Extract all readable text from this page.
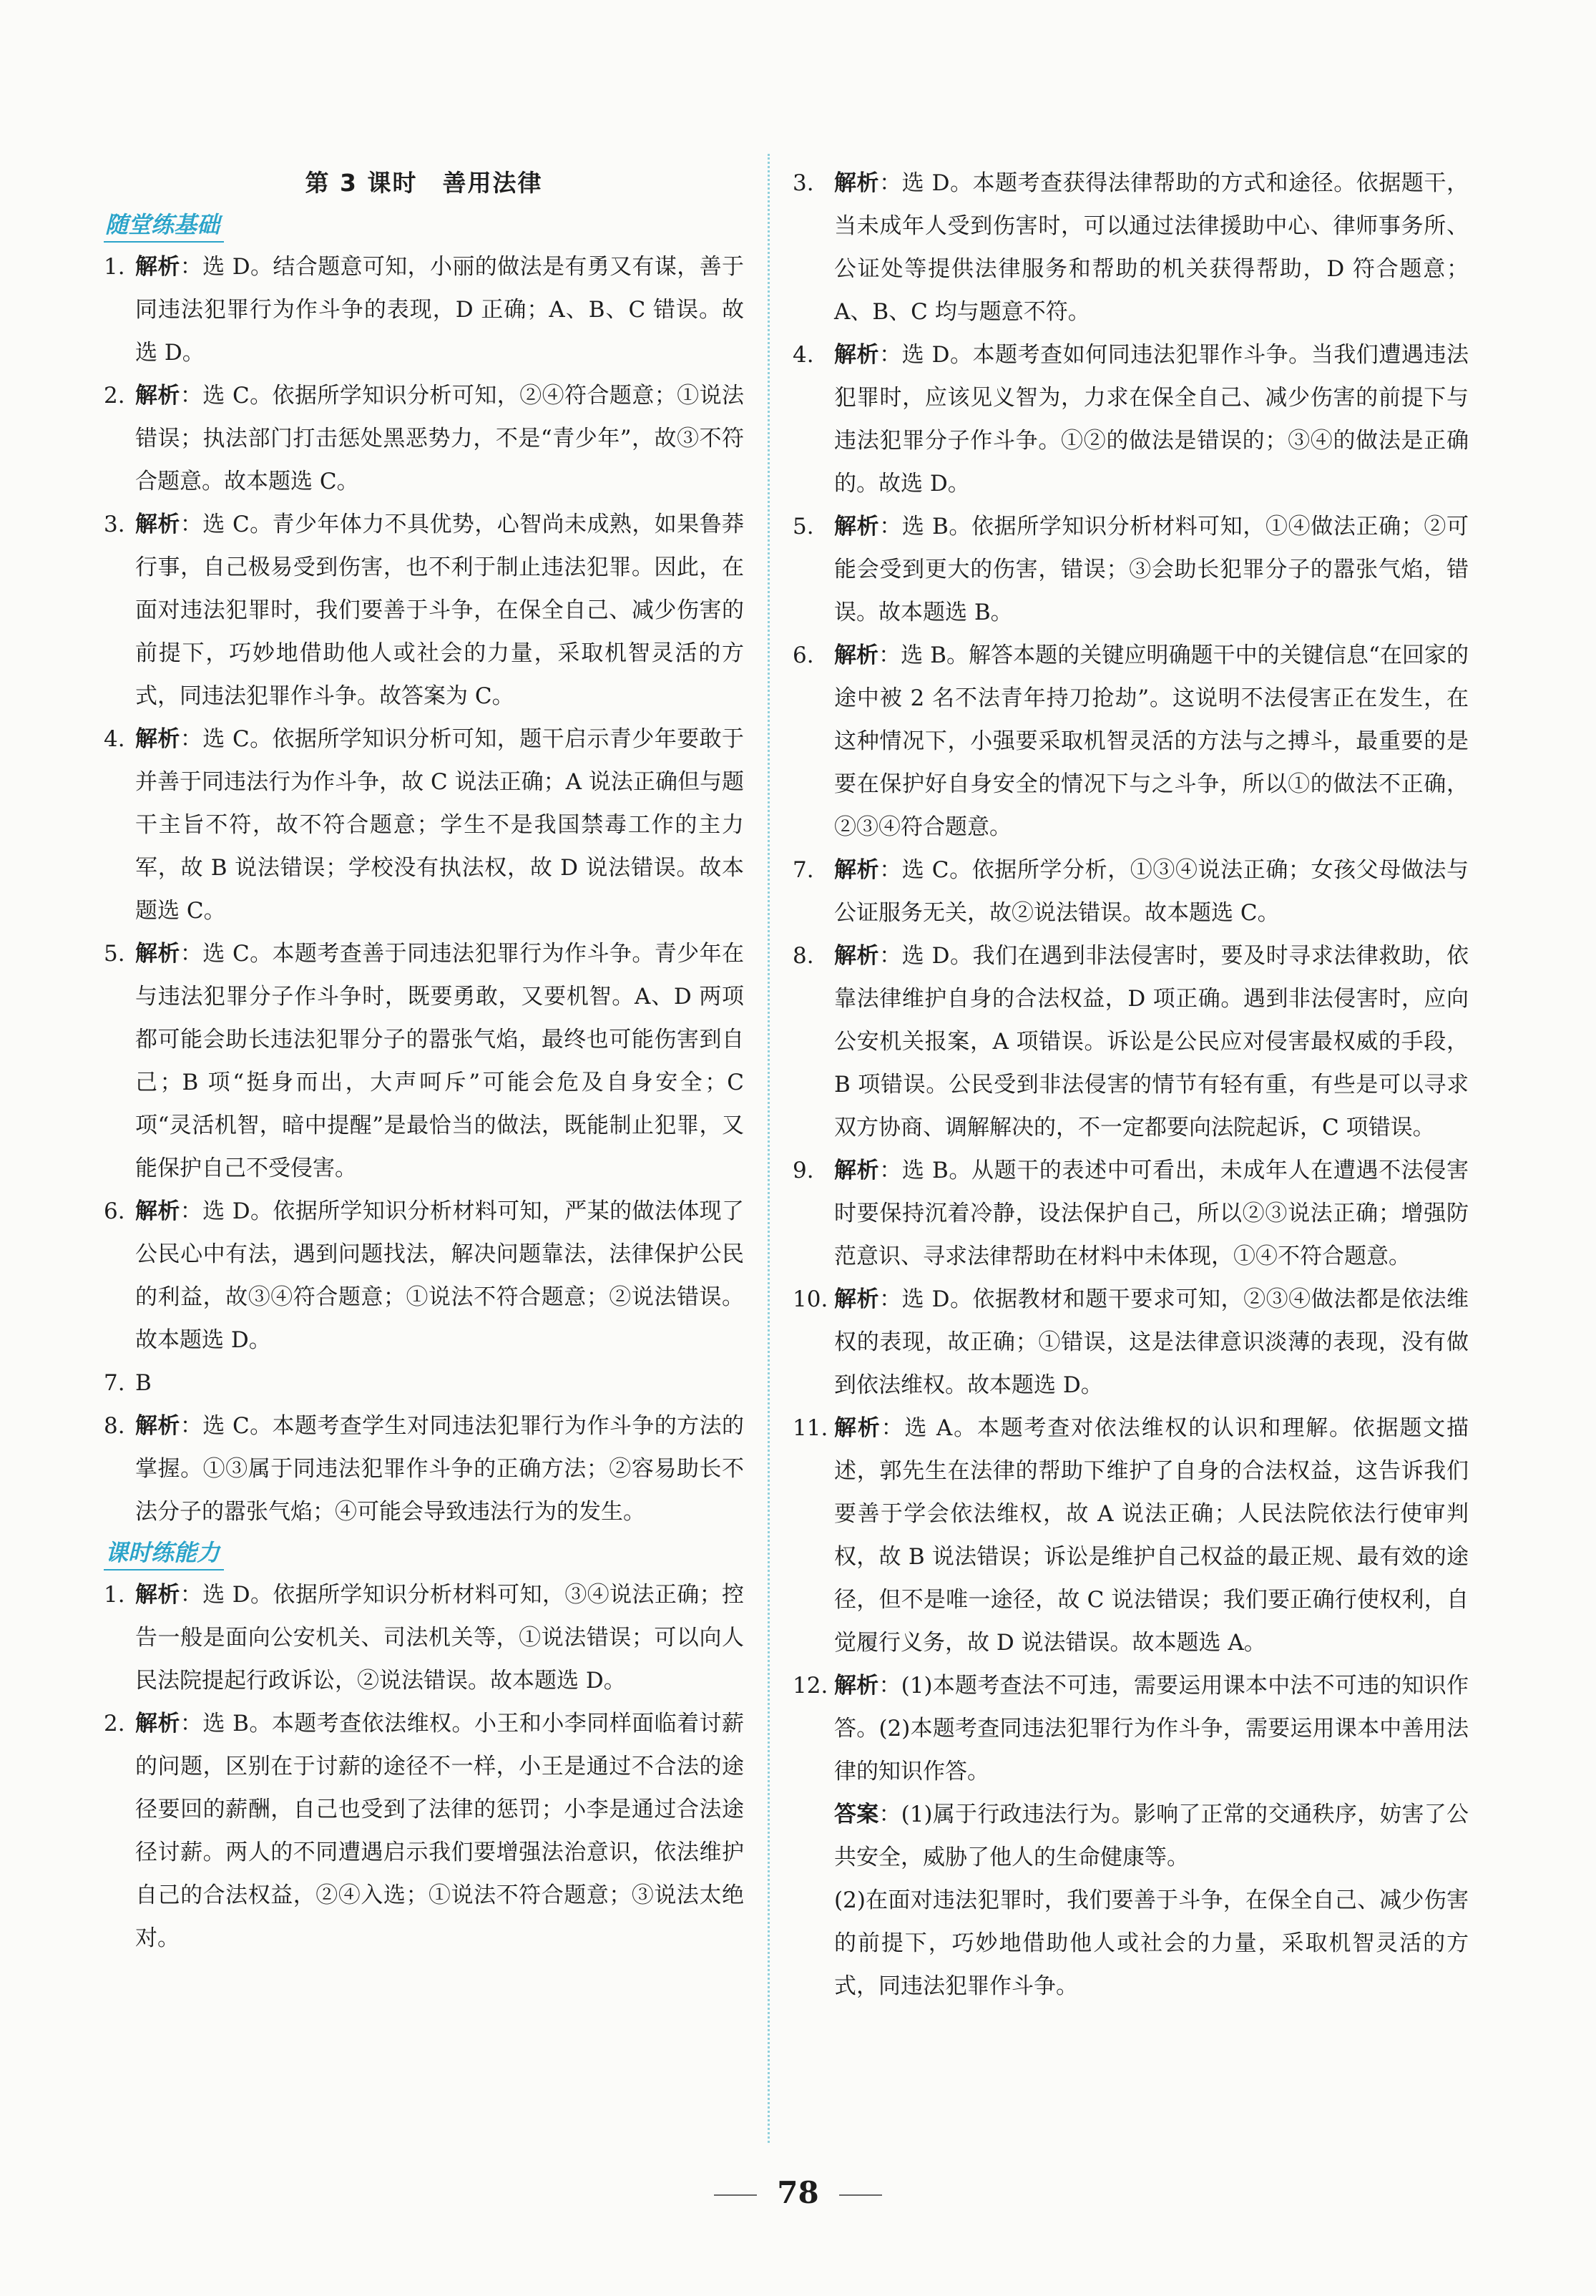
第 3 课时　善用法律
随堂练基础
1. 解析：选 D。结合题意可知，小丽的做法是有勇又有谋，善于同违法犯罪行为作斗争的表现，D 正确；A、B、C 错误。故选 D。
2. 解析：选 C。依据所学知识分析可知，②④符合题意；①说法错误；执法部门打击惩处黑恶势力，不是“青少年”，故③不符合题意。故本题选 C。
3. 解析：选 C。青少年体力不具优势，心智尚未成熟，如果鲁莽行事，自己极易受到伤害，也不利于制止违法犯罪。因此，在面对违法犯罪时，我们要善于斗争，在保全自己、减少伤害的前提下，巧妙地借助他人或社会的力量，采取机智灵活的方式，同违法犯罪作斗争。故答案为 C。
4. 解析：选 C。依据所学知识分析可知，题干启示青少年要敢于并善于同违法行为作斗争，故 C 说法正确；A 说法正确但与题干主旨不符，故不符合题意；学生不是我国禁毒工作的主力军，故 B 说法错误；学校没有执法权，故 D 说法错误。故本题选 C。
5. 解析：选 C。本题考查善于同违法犯罪行为作斗争。青少年在与违法犯罪分子作斗争时，既要勇敢，又要机智。A、D 两项都可能会助长违法犯罪分子的嚣张气焰，最终也可能伤害到自己；B 项“挺身而出，大声呵斥”可能会危及自身安全；C 项“灵活机智，暗中提醒”是最恰当的做法，既能制止犯罪，又能保护自己不受侵害。
6. 解析：选 D。依据所学知识分析材料可知，严某的做法体现了公民心中有法，遇到问题找法，解决问题靠法，法律保护公民的利益，故③④符合题意；①说法不符合题意；②说法错误。故本题选 D。
7. B
8. 解析：选 C。本题考查学生对同违法犯罪行为作斗争的方法的掌握。①③属于同违法犯罪作斗争的正确方法；②容易助长不法分子的嚣张气焰；④可能会导致违法行为的发生。
课时练能力
1. 解析：选 D。依据所学知识分析材料可知，③④说法正确；控告一般是面向公安机关、司法机关等，①说法错误；可以向人民法院提起行政诉讼，②说法错误。故本题选 D。
2. 解析：选 B。本题考查依法维权。小王和小李同样面临着讨薪的问题，区别在于讨薪的途径不一样，小王是通过不合法的途径要回的薪酬，自己也受到了法律的惩罚；小李是通过合法途径讨薪。两人的不同遭遇启示我们要增强法治意识，依法维护自己的合法权益，②④入选；①说法不符合题意；③说法太绝对。
3. 解析：选 D。本题考查获得法律帮助的方式和途径。依据题干，当未成年人受到伤害时，可以通过法律援助中心、律师事务所、公证处等提供法律服务和帮助的机关获得帮助，D 符合题意；A、B、C 均与题意不符。
4. 解析：选 D。本题考查如何同违法犯罪作斗争。当我们遭遇违法犯罪时，应该见义智为，力求在保全自己、减少伤害的前提下与违法犯罪分子作斗争。①②的做法是错误的；③④的做法是正确的。故选 D。
5. 解析：选 B。依据所学知识分析材料可知，①④做法正确；②可能会受到更大的伤害，错误；③会助长犯罪分子的嚣张气焰，错误。故本题选 B。
6. 解析：选 B。解答本题的关键应明确题干中的关键信息“在回家的途中被 2 名不法青年持刀抢劫”。这说明不法侵害正在发生，在这种情况下，小强要采取机智灵活的方法与之搏斗，最重要的是要在保护好自身安全的情况下与之斗争，所以①的做法不正确，②③④符合题意。
7. 解析：选 C。依据所学分析，①③④说法正确；女孩父母做法与公证服务无关，故②说法错误。故本题选 C。
8. 解析：选 D。我们在遇到非法侵害时，要及时寻求法律救助，依靠法律维护自身的合法权益，D 项正确。遇到非法侵害时，应向公安机关报案，A 项错误。诉讼是公民应对侵害最权威的手段，B 项错误。公民受到非法侵害的情节有轻有重，有些是可以寻求双方协商、调解解决的，不一定都要向法院起诉，C 项错误。
9. 解析：选 B。从题干的表述中可看出，未成年人在遭遇不法侵害时要保持沉着冷静，设法保护自己，所以②③说法正确；增强防范意识、寻求法律帮助在材料中未体现，①④不符合题意。
10. 解析：选 D。依据教材和题干要求可知，②③④做法都是依法维权的表现，故正确；①错误，这是法律意识淡薄的表现，没有做到依法维权。故本题选 D。
11. 解析：选 A。本题考查对依法维权的认识和理解。依据题文描述，郭先生在法律的帮助下维护了自身的合法权益，这告诉我们要善于学会依法维权，故 A 说法正确；人民法院依法行使审判权，故 B 说法错误；诉讼是维护自己权益的最正规、最有效的途径，但不是唯一途径，故 C 说法错误；我们要正确行使权利，自觉履行义务，故 D 说法错误。故本题选 A。
12. 解析：(1)本题考查法不可违，需要运用课本中法不可违的知识作答。(2)本题考查同违法犯罪行为作斗争，需要运用课本中善用法律的知识作答。
答案：(1)属于行政违法行为。影响了正常的交通秩序，妨害了公共安全，威胁了他人的生命健康等。
(2)在面对违法犯罪时，我们要善于斗争，在保全自己、减少伤害的前提下，巧妙地借助他人或社会的力量，采取机智灵活的方式，同违法犯罪作斗争。
78
